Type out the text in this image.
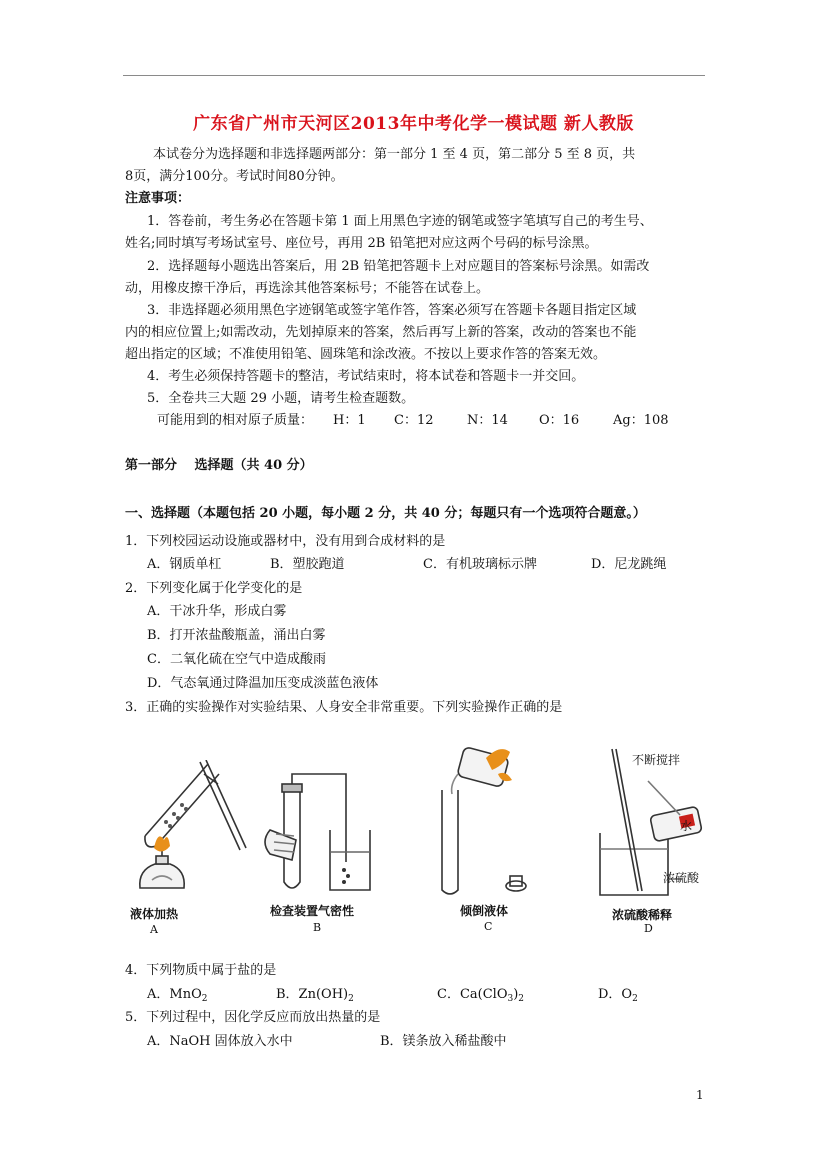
广东省广州市天河区2013年中考化学一模试题 新人教版
本试卷分为选择题和非选择题两部分：第一部分 1 至 4 页，第二部分 5 至 8 页，共
8页，满分100分。考试时间80分钟。
注意事项：
1．答卷前，考生务必在答题卡第 1 面上用黑色字迹的钢笔或签字笔填写自己的考生号、
姓名;同时填写考场试室号、座位号，再用 2B 铅笔把对应这两个号码的标号涂黑。
2．选择题每小题选出答案后，用 2B 铅笔把答题卡上对应题目的答案标号涂黑。如需改
动，用橡皮擦干净后，再选涂其他答案标号；不能答在试卷上。
3．非选择题必须用黑色字迹钢笔或签字笔作答，答案必须写在答题卡各题目指定区域
内的相应位置上;如需改动，先划掉原来的答案，然后再写上新的答案，改动的答案也不能
超出指定的区域；不准使用铅笔、圆珠笔和涂改液。不按以上要求作答的答案无效。
4．考生必须保持答题卡的整洁，考试结束时，将本试卷和答题卡一并交回。
5．全卷共三大题 29 小题，请考生检查题数。
可能用到的相对原子质量： H：1 C：12	N：14 O：16	Ag：108
第一部分　 选择题（共 40 分）
一、选择题（本题包括 20 小题，每小题 2 分，共 40 分；每题只有一个选项符合题意。）
1．下列校园运动设施或器材中，没有用到合成材料的是
A．钢质单杠	B．塑胶跑道	C．有机玻璃标示牌	D．尼龙跳绳
2．下列变化属于化学变化的是
A．干冰升华，形成白雾
B．打开浓盐酸瓶盖，涌出白雾
C．二氧化硫在空气中造成酸雨
D．气态氧通过降温加压变成淡蓝色液体
3．正确的实验操作对实验结果、人身安全非常重要。下列实验操作正确的是
液体加热
A
检查装置气密性
B
倾倒液体
C
不断搅拌
水
浓硫酸
浓硫酸稀释
D
4．下列物质中属于盐的是
A．MnO$_2$	B．$Zn(OH)_2$	C．$Ca(ClO_3)_2$	D．$O_2$
5．下列过程中，因化学反应而放出热量的是
A．NaOH 固体放入水中	B．镁条放入稀盐酸中
1
